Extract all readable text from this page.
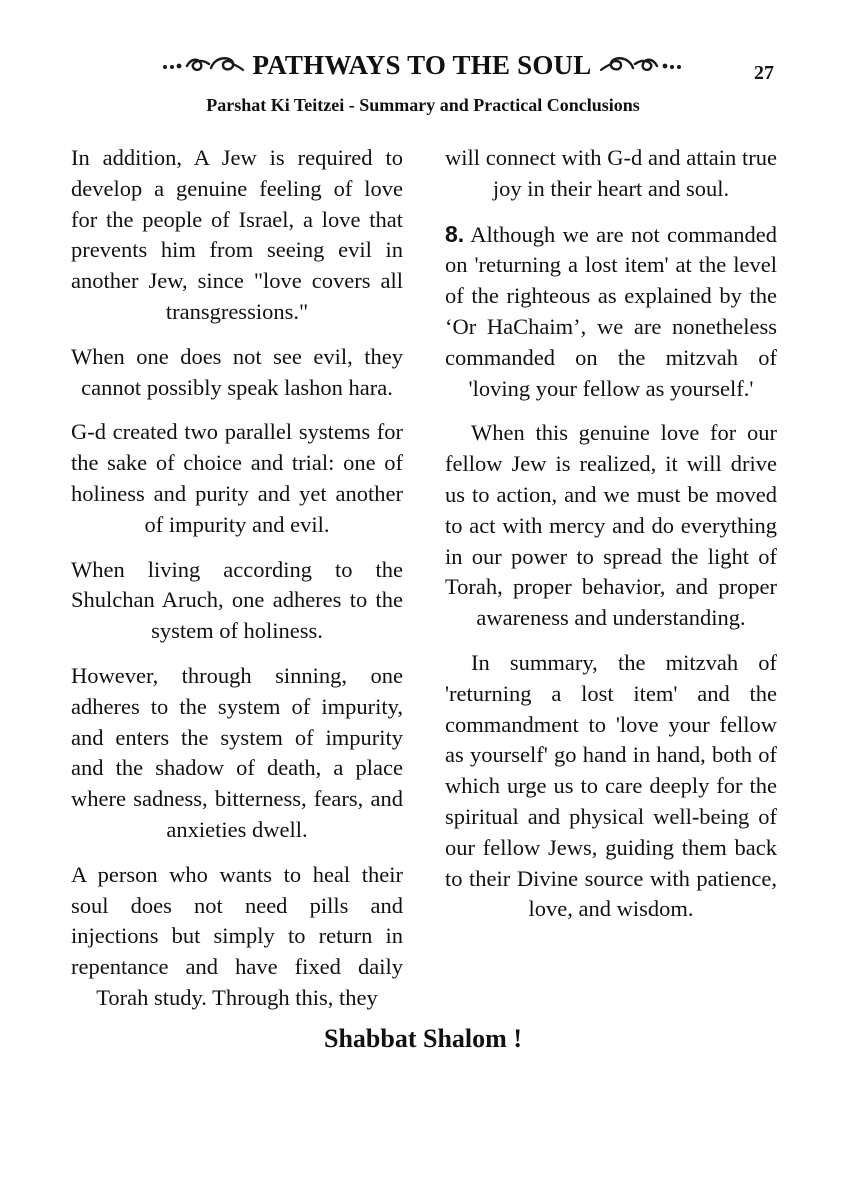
PATHWAYS TO THE SOUL	27
Parshat Ki Teitzei - Summary and Practical Conclusions

In addition, A Jew is required to develop a genuine feeling of love for the people of Israel, a love that prevents him from seeing evil in another Jew, since "love covers all transgressions."

When one does not see evil, they cannot possibly speak lashon hara.

G-d created two parallel systems for the sake of choice and trial: one of holiness and purity and yet another of impurity and evil.

When living according to the Shulchan Aruch, one adheres to the system of holiness.

However, through sinning, one adheres to the system of impurity, and enters the system of impurity and the shadow of death, a place where sadness, bitterness, fears, and anxieties dwell.

A person who wants to heal their soul does not need pills and injections but simply to return in repentance and have fixed daily Torah study. Through this, they

will connect with G-d and attain true joy in their heart and soul.

8. Although we are not commanded on 'returning a lost item' at the level of the righteous as explained by the ‘Or HaChaim’, we are nonetheless commanded on the mitzvah of 'loving your fellow as yourself.'

When this genuine love for our fellow Jew is realized, it will drive us to action, and we must be moved to act with mercy and do everything in our power to spread the light of Torah, proper behavior, and proper awareness and understanding.

In summary, the mitzvah of 'returning a lost item' and the commandment to 'love your fellow as yourself' go hand in hand, both of which urge us to care deeply for the spiritual and physical well-being of our fellow Jews, guiding them back to their Divine source with patience, love, and wisdom.

Shabbat Shalom !
